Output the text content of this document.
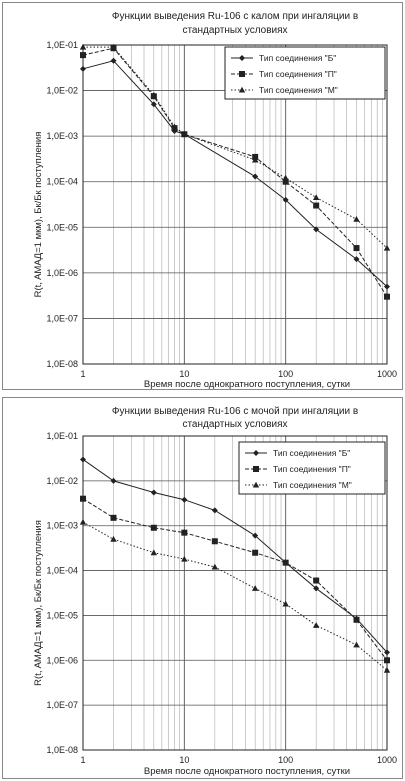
Функции выведения Ru-106 с калом при ингаляции в
стандартных условиях
1,0E-08
1,0E-07
1,0E-06
1,0E-05
1,0E-04
1,0E-03
1,0E-02
1,0E-01
1	10	100	1000
Время после однократного поступления, сутки
R(t, AMAД=1 мкм), Бк/Бк поступления
Тип соединения "Б"
Тип соединения "П"
Тип соединения "М"
Функции выведения Ru-106 с мочой при ингаляции в
стандартных условиях
1,0E-08
1,0E-07
1,0E-06
1,0E-05
1,0E-04
1,0E-03
1,0E-02
1,0E-01
1	10	100	1000
Время после однократного поступления, сутки
R(t, AMAД=1 мкм), Бк/Бк поступления
Тип соединения "Б"
Тип соединения "П"
Тип соединения "М"
